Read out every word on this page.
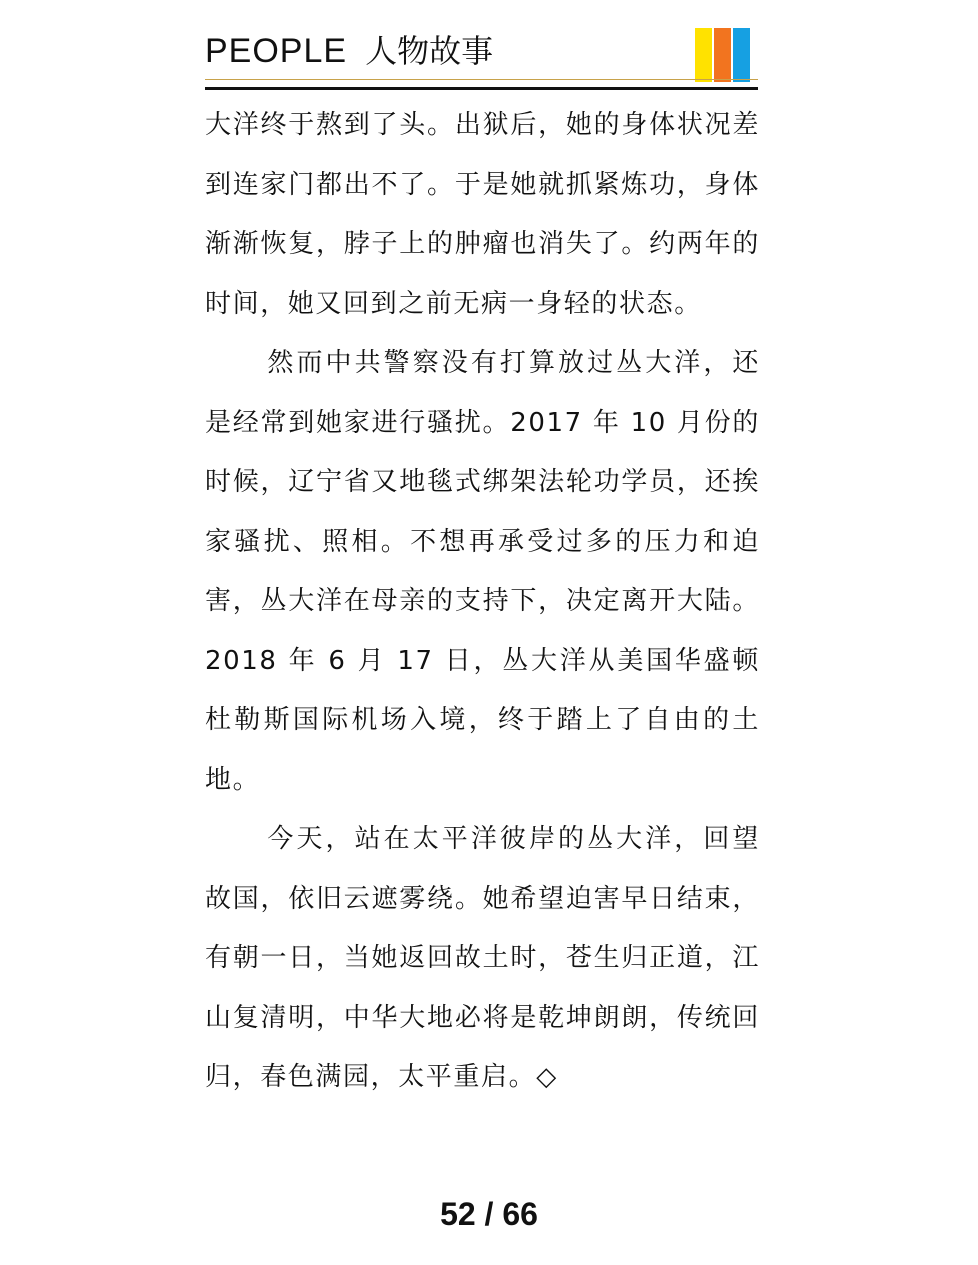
PEOPLE 人物故事

大洋终于熬到了头。出狱后，她的身体状况差到连家门都出不了。于是她就抓紧炼功，身体渐渐恢复，脖子上的肿瘤也消失了。约两年的时间，她又回到之前无病一身轻的状态。

然而中共警察没有打算放过丛大洋，还是经常到她家进行骚扰。2017 年 10 月份的时候，辽宁省又地毯式绑架法轮功学员，还挨家骚扰、照相。不想再承受过多的压力和迫害，丛大洋在母亲的支持下，决定离开大陆。2018 年 6 月 17 日，丛大洋从美国华盛顿杜勒斯国际机场入境，终于踏上了自由的土地。

今天，站在太平洋彼岸的丛大洋，回望故国，依旧云遮雾绕。她希望迫害早日结束，有朝一日，当她返回故土时，苍生归正道，江山复清明，中华大地必将是乾坤朗朗，传统回归，春色满园，太平重启。◇

52 / 66
